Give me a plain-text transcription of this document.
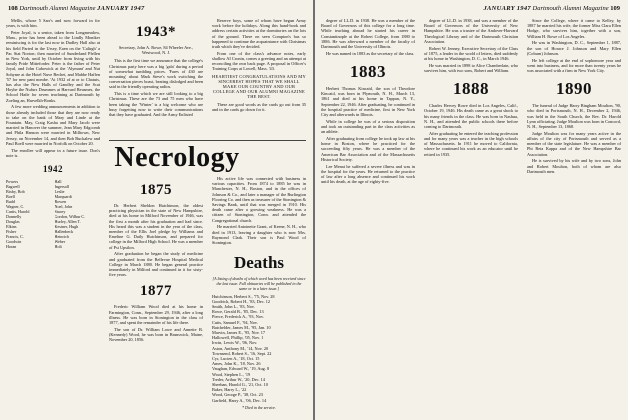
108 Dartmouth Alumni Magazine JANUARY 1947

Mellis, whose 5 Sarr's and now forward in for years, is with him.

Peter Joyal, is a senior, taken from Longmeadow, Mass., prior has been ahead to the Lindly Moniker reminiscing is for the last now in Dudley Hall also at his field Parted in the Ursey, Eaen on the 'Calirgh' a Pac Stat Norton; then married of Sunderland Plellen in New York, until by October from living with his family Pride Mitteforder. Peter is the father of Peter Joyal, and John Cubowick at the 'Alymant' and Nut Sohyme at the Hotel Nuve Bechet, and Mabbe Haffen '57 for new pant nombe. 'At 1932 of at or to Chatuis, has also the New Halls of Gandley and the Scat Hoyhe the Nufurs Drummes at Harvard Reusmes, the School Haile for seven teachning at Dartmouth by Zoeling an, Harvelkh-Ronks.

A few more wedding announcements in addition to those already included those that they are now ready to take on the bank of Mary and Linde at the Fountain. May, Craig Kasha and Mary Jacob were married in Hanover the summer, Jean Mary Edgcomb and Phila Hanson were married in Milltown, New Jersey, on November 14, and then Bob Buckalew and Paul Boell were married in Norfolk on October 20.

The enrollee will appear in a future issue. Don's note is.

1942
Powers
Bagwell
Bixby, Bob
Boell
Budd
Wagner, C.
Curtis, Harold
Donnelly
Douglas
Elkins
Fisher
Francis, C.
Goodwin
Horan
Hall
Ingersoll
Leslie
Marquardt
Rowen
Noel, John
Stacey
Gordon, Wilbur C.
Hurley, Allen T.
Kestner, Hugh
Hallenbeck
Heinrich
Weber
Holt
1943*
Secretary, John A. Rowe, 84 Wheeler Ave., Westwood, N. J.

This is the first time we announce that the college's Christmas party here was a big 'gala' during a period of somewhat tumbling prices. 'Fares of 430 are mounting' about Mark Steve's work switching the conversation pieces boast, beating dislodged and been said in the friendly operating radios.

This is a time which we are still looking to a big Christmas. These are the 73 and 75 men who have been taking the 'Winter' is a big welcome who are busy forgetting now to write their communications that they have graduated. And the Army Enlisted

Reserve boys, some of whom have begun Army work before the holidays. Along this hand-book and address certain activities at the dormitories on the lots of the ground. There on seen Compton's has so happened to continue the acquaintance with Christmas truth which they've decided.

From one of the class's advance notes, early shallow AI Cronin, comes a greeting and an attempt at reconciling the own back page. A proposal in Officer's Training Corps at Lowell, Mass. '43.

HEARTIEST CONGRATULATIONS AND MY SINCEREST HOPES THAT WE SHALL MAKE OUR COUNTRY AND OUR COLLEGE AND OUR ALUMNI MAGAZINE THE BEST.

These are good words as the cards go out from 35 and in the cards go down for it.

Necrology
1875

Dr. Herbert Sheldon Hutchinson, the oldest practicing physician in the state of New Hampshire, died at his home in Milford November of 1946, was the first a month after his graduation and had since. His heard this was a student in the year of the class, member of the Ellis Joel pledge by Williams and Emeline G. Daily Hutchinson, and prepared for college in the Milford High School. He was a member of Psi Upsilon.

After graduation he began the study of medicine and graduated from the Bellevue Hospital Medical College in March 1880. He began general practice immediately in Milford and continued in it for sixty-five years.

1877

Frederic William Wood died at his home in Farmington, Conn., September 29, 1946, after a long illness. He was born in Stonington in the class of 1877, and spent the remainder of his life there.

The son of Dr. William Lowe and Annette B. (Kennedy) Wood, he was born in Brunswick, Maine, November 20, 1856.

His active life was connected with business in various capacities. From 1874 to 1885 he was in Manchester, N. H., Boston, and in the offices of Johnson & Co., and later a manager of the Burlington Flooring Co. and then as treasurer of the Stonington & Savings Bank, until that was merged in 1910. His death came after a growing weakness. He was a citizen of Stonington, Conn. and attended the Congregational church.

He married Antoinette Grant, of Keene, N. H., who died in 1913, leaving a daughter who is now Mrs. Raymond Clark. Their son is Paul Wood of Stonington.

Deaths
[A listing of deaths of which word has been received since the last issue. Full obituaries will be published in the same or in a later issue.]
Hutchinson, Herbert S., '75, Nov. 28
Goodrich, Robert H., '83, Dec. 12
Smith, John L., '83, Nov.
Rowe, Gerald B., '85, Dec. 13
Pierce, Frederick A., '93, Nov.
Cutts, Samuel F., '94, Nov.
Batchelder, James M., '95, Jan. 10
Marvin, James E., '95, Nov. 17
Hallowell, Phillip, '05, Nov. 1
Irwin, Lewis W., '06, Nov.
Aston, Anthony M., '14, Nov. 20
Townsend, Robert S., '16, Sept. 22
Cyr, Lucien A., '18, Oct. 15
Ames, John K., '18, Nov. 26
Vaughan, Edward W., '19, Aug. 8
Wood, Stephen L., '19
Treder, Arthur W., '20, Dec. 14
Sheehan, Harold G., '21, Oct. 10
Baker, Harry L., '22
Wood, George P., '38, Oct. 23
Garfield, Harry A., '06, Dec. 14
* Died in the service.
JANUARY 1947 Dartmouth Alumni Magazine 109

degree of LL.D. in 1938. He was a member of the Board of Governors of this college for a long time. While teaching abroad he started his career in Constantinople at the Robert College, from 1880 to 1886. He was afterward a member of the faculty of Dartmouth and the University of Illinois.

He was named in 1883 as the secretary of the class.

1883

Herbert Thomas Kincaid, the son of Theodore Kincaid, was born in Plymouth, N. H., March 13, 1861 and died at his home in Tappan, N. Y., September 22, 1946. After graduating, he continued in the hospital practice of medicine, first in New York City and afterwards in Illinois.

While in college he was of a serious disposition and took an outstanding part in the class activities as an athlete.

After graduating from college he took up law at his home in Boston, where he practiced for the succeeding fifty years. He was a member of the American Bar Association and of the Massachusetts Historical Society.

Lee Menat he suffered a severe illness and was in the hospital for the years. He returned to the practice of law after a long absence and continued his work until his death, at the age of eighty-five.

degree of LL.D. in 1938, and was a member of the Board of Governors of the University of New Hampshire. He was a trustee of the Andover-Harvard Theological Library and of the Dartmouth Christian Association.

Robert W. Jenney, Executive Secretary of the Class of 1875, a leader in the world of letters, died suddenly at his home in Washington, D. C., in March 1946.

He was married in 1898 to Alice Chamberlain, who survives him, with two sons, Robert and William.

1888

Charles Hervey Rowe died in Los Angeles, Calif., October 19, 1946. His death came as a great shock to his many friends in the class. He was born in Nashua, N. H., and attended the public schools there before coming to Dartmouth.

After graduating he entered the teaching profession and for many years was a teacher in the high schools of Massachusetts. In 1911 he moved to California, where he continued his work as an educator until he retired in 1935.

Since the College, where it came to Kelley, by 1887 he married his wife, the former Miss Clara Ellen Hodge, who survives him, together with a son, William H. Rowe of Los Angeles.

He was in Washington, D. C., September 1, 1887, the son of Horace J. Johnson and Mary Ellen (Coburn) Johnson.

He left college at the end of sophomore year and went into business, and for more than twenty years he was associated with a firm in New York City.

1890

The funeral of Judge Harry Bingham Moulton, '90, who died in Portsmouth, N. H., December 2, 1946, was held in the South Church, the Rev. Dr. Harold Lynn officiating. Judge Moulton was born in Concord, N. H., September 13, 1868.

Judge Moulton was for many years active in the affairs of the city of Portsmouth and served as a member of the state legislature. He was a member of Phi Beta Kappa and of the New Hampshire Bar Association.

He is survived by his wife and by two sons, John and Robert Moulton, both of whom are also Dartmouth men.
